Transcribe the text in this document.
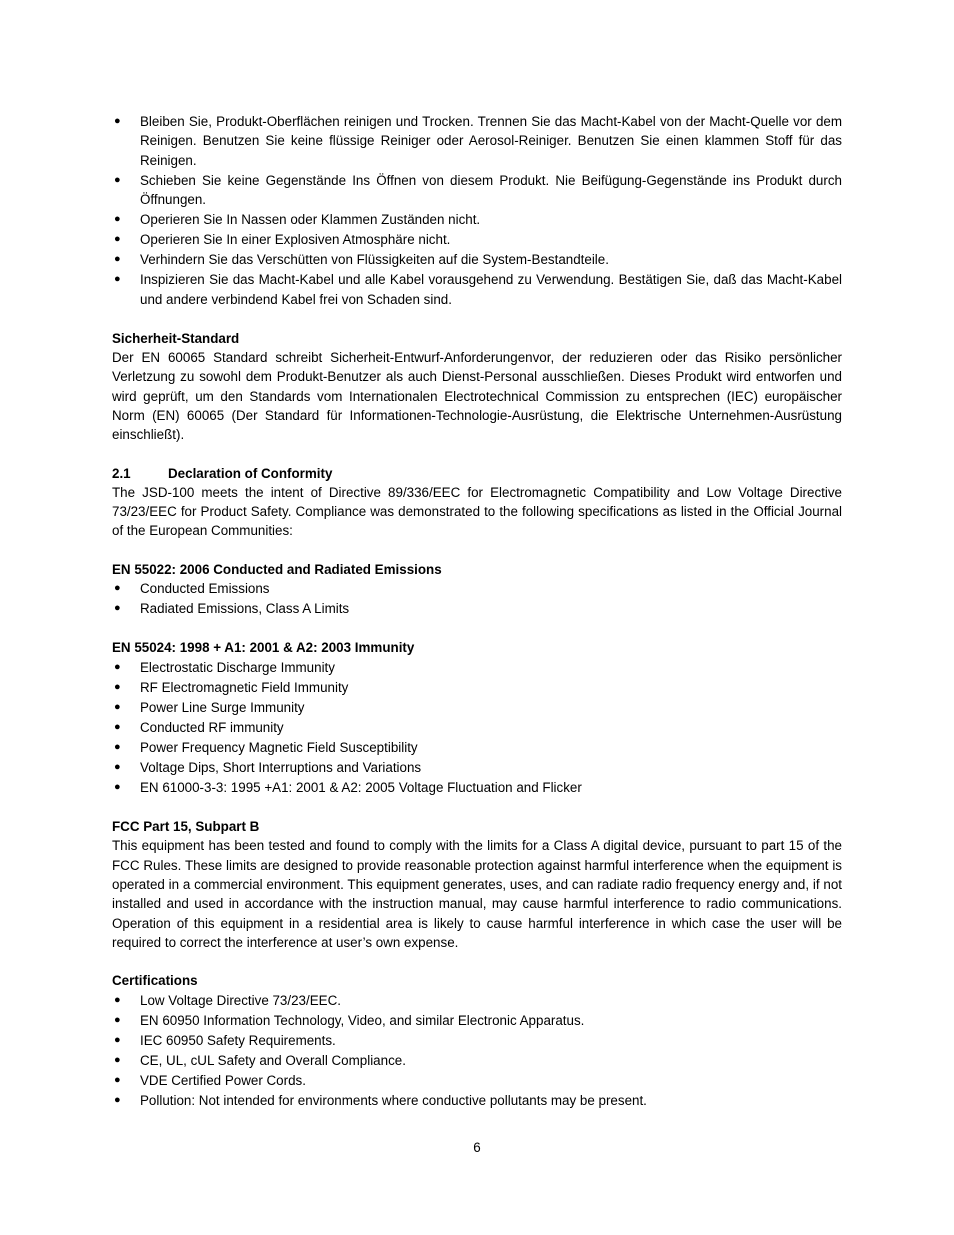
● Bleiben Sie, Produkt-Oberflächen reinigen und Trocken. Trennen Sie das Macht-Kabel von der Macht-Quelle vor dem Reinigen. Benutzen Sie keine flüssige Reiniger oder Aerosol-Reiniger. Benutzen Sie einen klammen Stoff für das Reinigen.
● Schieben Sie keine Gegenstände Ins Öffnen von diesem Produkt. Nie Beifügung-Gegenstände ins Produkt durch Öffnungen.
● Operieren Sie In Nassen oder Klammen Zuständen nicht.
● Operieren Sie In einer Explosiven Atmosphäre nicht.
● Verhindern Sie das Verschütten von Flüssigkeiten auf die System-Bestandteile.
● Inspizieren Sie das Macht-Kabel und alle Kabel vorausgehend zu Verwendung. Bestätigen Sie, daß das Macht-Kabel und andere verbindend Kabel frei von Schaden sind.

Sicherheit-Standard

Der EN 60065 Standard schreibt Sicherheit-Entwurf-Anforderungenvor, der reduzieren oder das Risiko persönlicher Verletzung zu sowohl dem Produkt-Benutzer als auch Dienst-Personal ausschließen. Dieses Produkt wird entworfen und wird geprüft, um den Standards vom Internationalen Electrotechnical Commission zu entsprechen (IEC) europäischer Norm (EN) 60065 (Der Standard für Informationen-Technologie-Ausrüstung, die Elektrische Unternehmen-Ausrüstung einschließt).

2.1	Declaration of Conformity

The JSD-100 meets the intent of Directive 89/336/EEC for Electromagnetic Compatibility and Low Voltage Directive 73/23/EEC for Product Safety. Compliance was demonstrated to the following specifications as listed in the Official Journal of the European Communities:

EN 55022: 2006 Conducted and Radiated Emissions

● Conducted Emissions
● Radiated Emissions, Class A Limits

EN 55024: 1998 + A1: 2001 & A2: 2003 Immunity

● Electrostatic Discharge Immunity
● RF Electromagnetic Field Immunity
● Power Line Surge Immunity
● Conducted RF immunity
● Power Frequency Magnetic Field Susceptibility
● Voltage Dips, Short Interruptions and Variations
● EN 61000-3-3: 1995 +A1: 2001 & A2: 2005 Voltage Fluctuation and Flicker

FCC Part 15, Subpart B

This equipment has been tested and found to comply with the limits for a Class A digital device, pursuant to part 15 of the FCC Rules. These limits are designed to provide reasonable protection against harmful interference when the equipment is operated in a commercial environment. This equipment generates, uses, and can radiate radio frequency energy and, if not installed and used in accordance with the instruction manual, may cause harmful interference to radio communications. Operation of this equipment in a residential area is likely to cause harmful interference in which case the user will be required to correct the interference at user’s own expense.

Certifications

● Low Voltage Directive 73/23/EEC.
● EN 60950 Information Technology, Video, and similar Electronic Apparatus.
● IEC 60950 Safety Requirements.
● CE, UL, cUL Safety and Overall Compliance.
● VDE Certified Power Cords.
● Pollution: Not intended for environments where conductive pollutants may be present.
6
